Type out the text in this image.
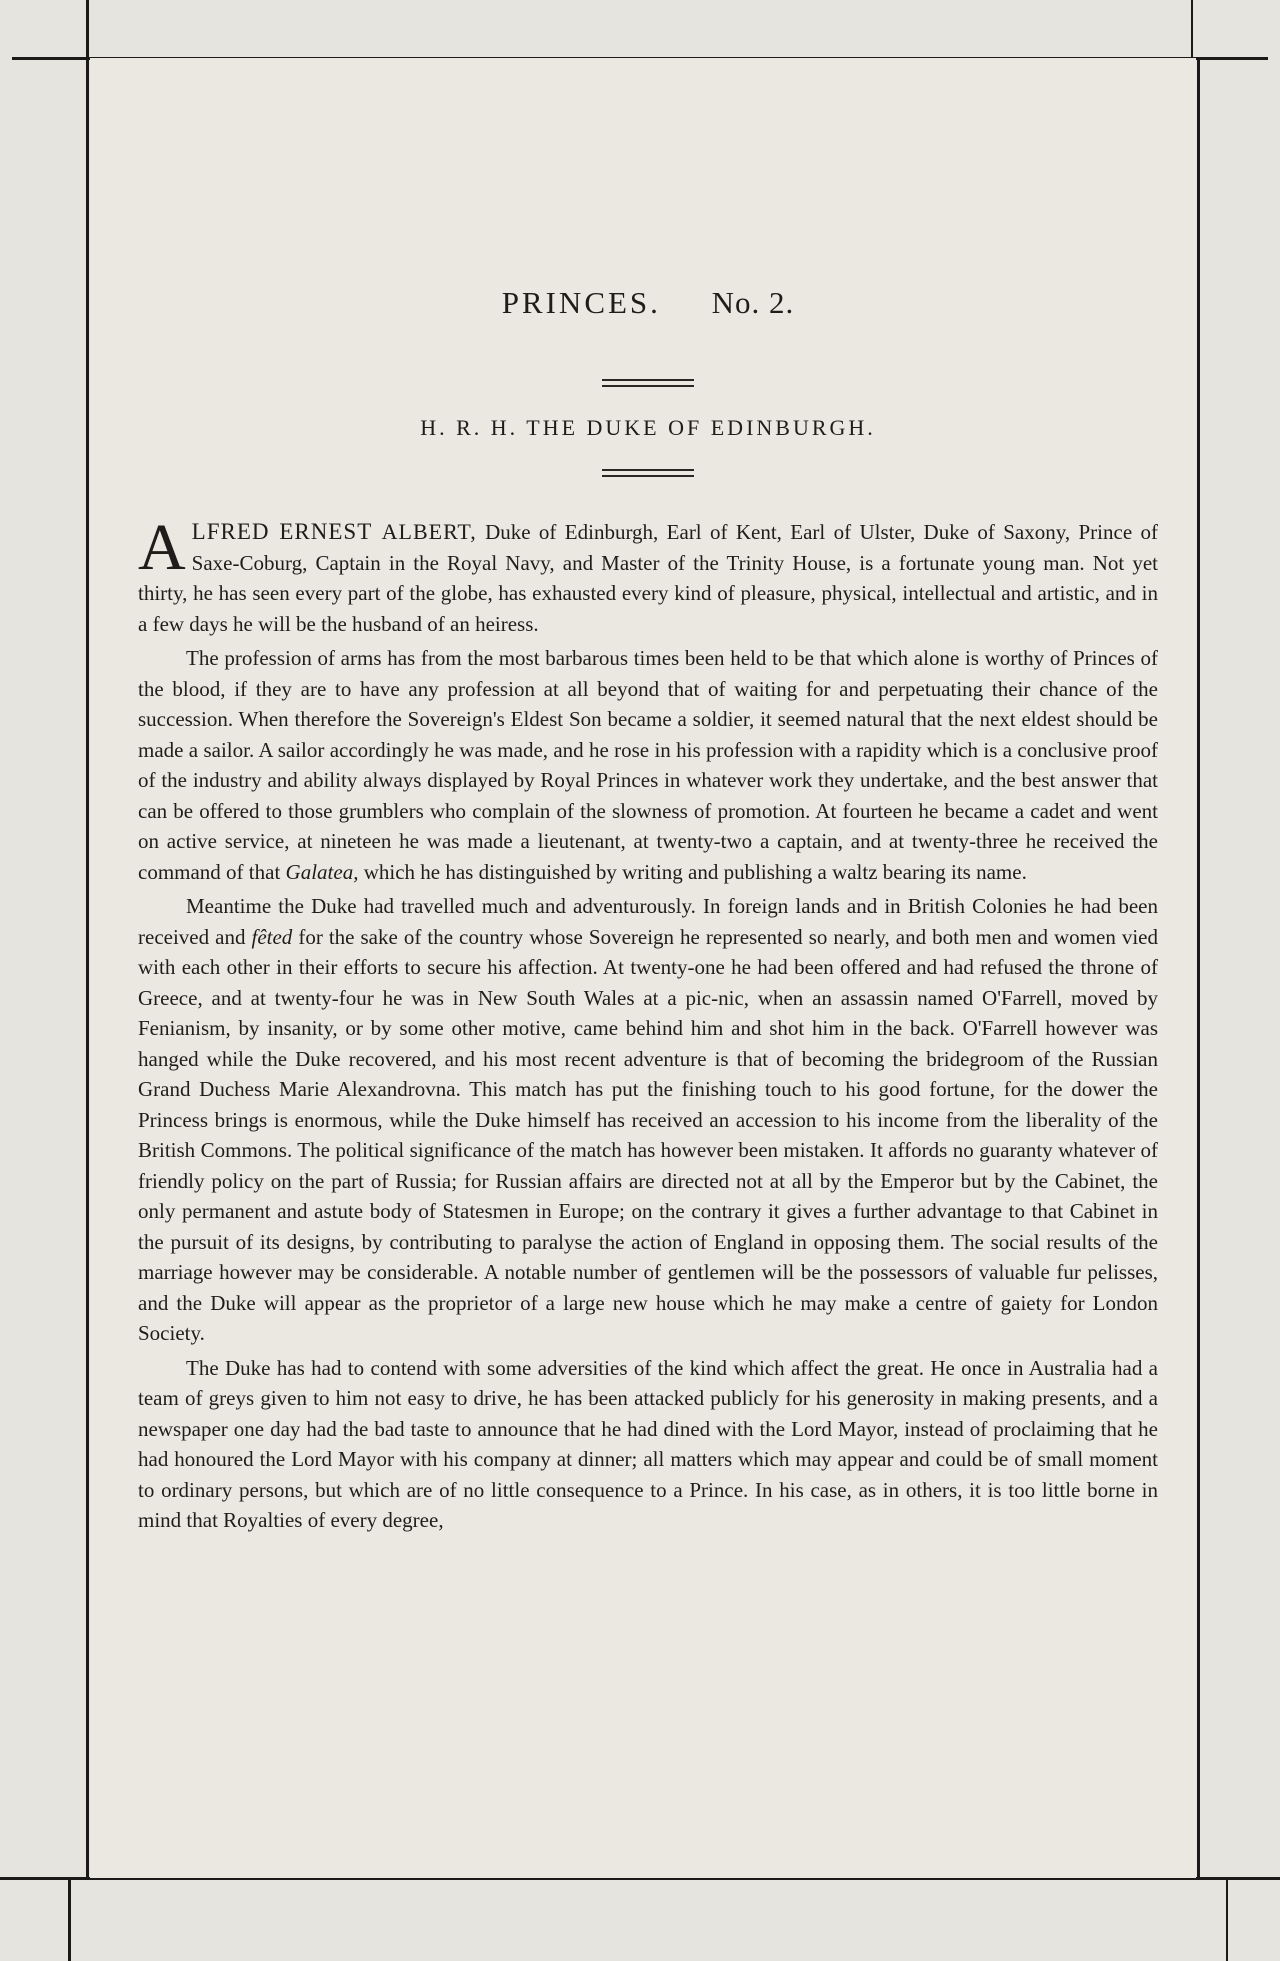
PRINCES. No. 2.
H. R. H. THE DUKE OF EDINBURGH.

ALFRED ERNEST ALBERT, Duke of Edinburgh, Earl of Kent, Earl of Ulster, Duke of Saxony, Prince of Saxe-Coburg, Captain in the Royal Navy, and Master of the Trinity House, is a fortunate young man. Not yet thirty, he has seen every part of the globe, has exhausted every kind of pleasure, physical, intellectual and artistic, and in a few days he will be the husband of an heiress.

The profession of arms has from the most barbarous times been held to be that which alone is worthy of Princes of the blood, if they are to have any profession at all beyond that of waiting for and perpetuating their chance of the succession. When therefore the Sovereign's Eldest Son became a soldier, it seemed natural that the next eldest should be made a sailor. A sailor accordingly he was made, and he rose in his profession with a rapidity which is a conclusive proof of the industry and ability always displayed by Royal Princes in whatever work they undertake, and the best answer that can be offered to those grumblers who complain of the slowness of promotion. At fourteen he became a cadet and went on active service, at nineteen he was made a lieutenant, at twenty-two a captain, and at twenty-three he received the command of that Galatea, which he has distinguished by writing and publishing a waltz bearing its name.

Meantime the Duke had travelled much and adventurously. In foreign lands and in British Colonies he had been received and fêted for the sake of the country whose Sovereign he represented so nearly, and both men and women vied with each other in their efforts to secure his affection. At twenty-one he had been offered and had refused the throne of Greece, and at twenty-four he was in New South Wales at a pic-nic, when an assassin named O'Farrell, moved by Fenianism, by insanity, or by some other motive, came behind him and shot him in the back. O'Farrell however was hanged while the Duke recovered, and his most recent adventure is that of becoming the bridegroom of the Russian Grand Duchess Marie Alexandrovna. This match has put the finishing touch to his good fortune, for the dower the Princess brings is enormous, while the Duke himself has received an accession to his income from the liberality of the British Commons. The political significance of the match has however been mistaken. It affords no guaranty whatever of friendly policy on the part of Russia; for Russian affairs are directed not at all by the Emperor but by the Cabinet, the only permanent and astute body of Statesmen in Europe; on the contrary it gives a further advantage to that Cabinet in the pursuit of its designs, by contributing to paralyse the action of England in opposing them. The social results of the marriage however may be considerable. A notable number of gentlemen will be the possessors of valuable fur pelisses, and the Duke will appear as the proprietor of a large new house which he may make a centre of gaiety for London Society.

The Duke has had to contend with some adversities of the kind which affect the great. He once in Australia had a team of greys given to him not easy to drive, he has been attacked publicly for his generosity in making presents, and a newspaper one day had the bad taste to announce that he had dined with the Lord Mayor, instead of proclaiming that he had honoured the Lord Mayor with his company at dinner; all matters which may appear and could be of small moment to ordinary persons, but which are of no little consequence to a Prince. In his case, as in others, it is too little borne in mind that Royalties of every degree,
